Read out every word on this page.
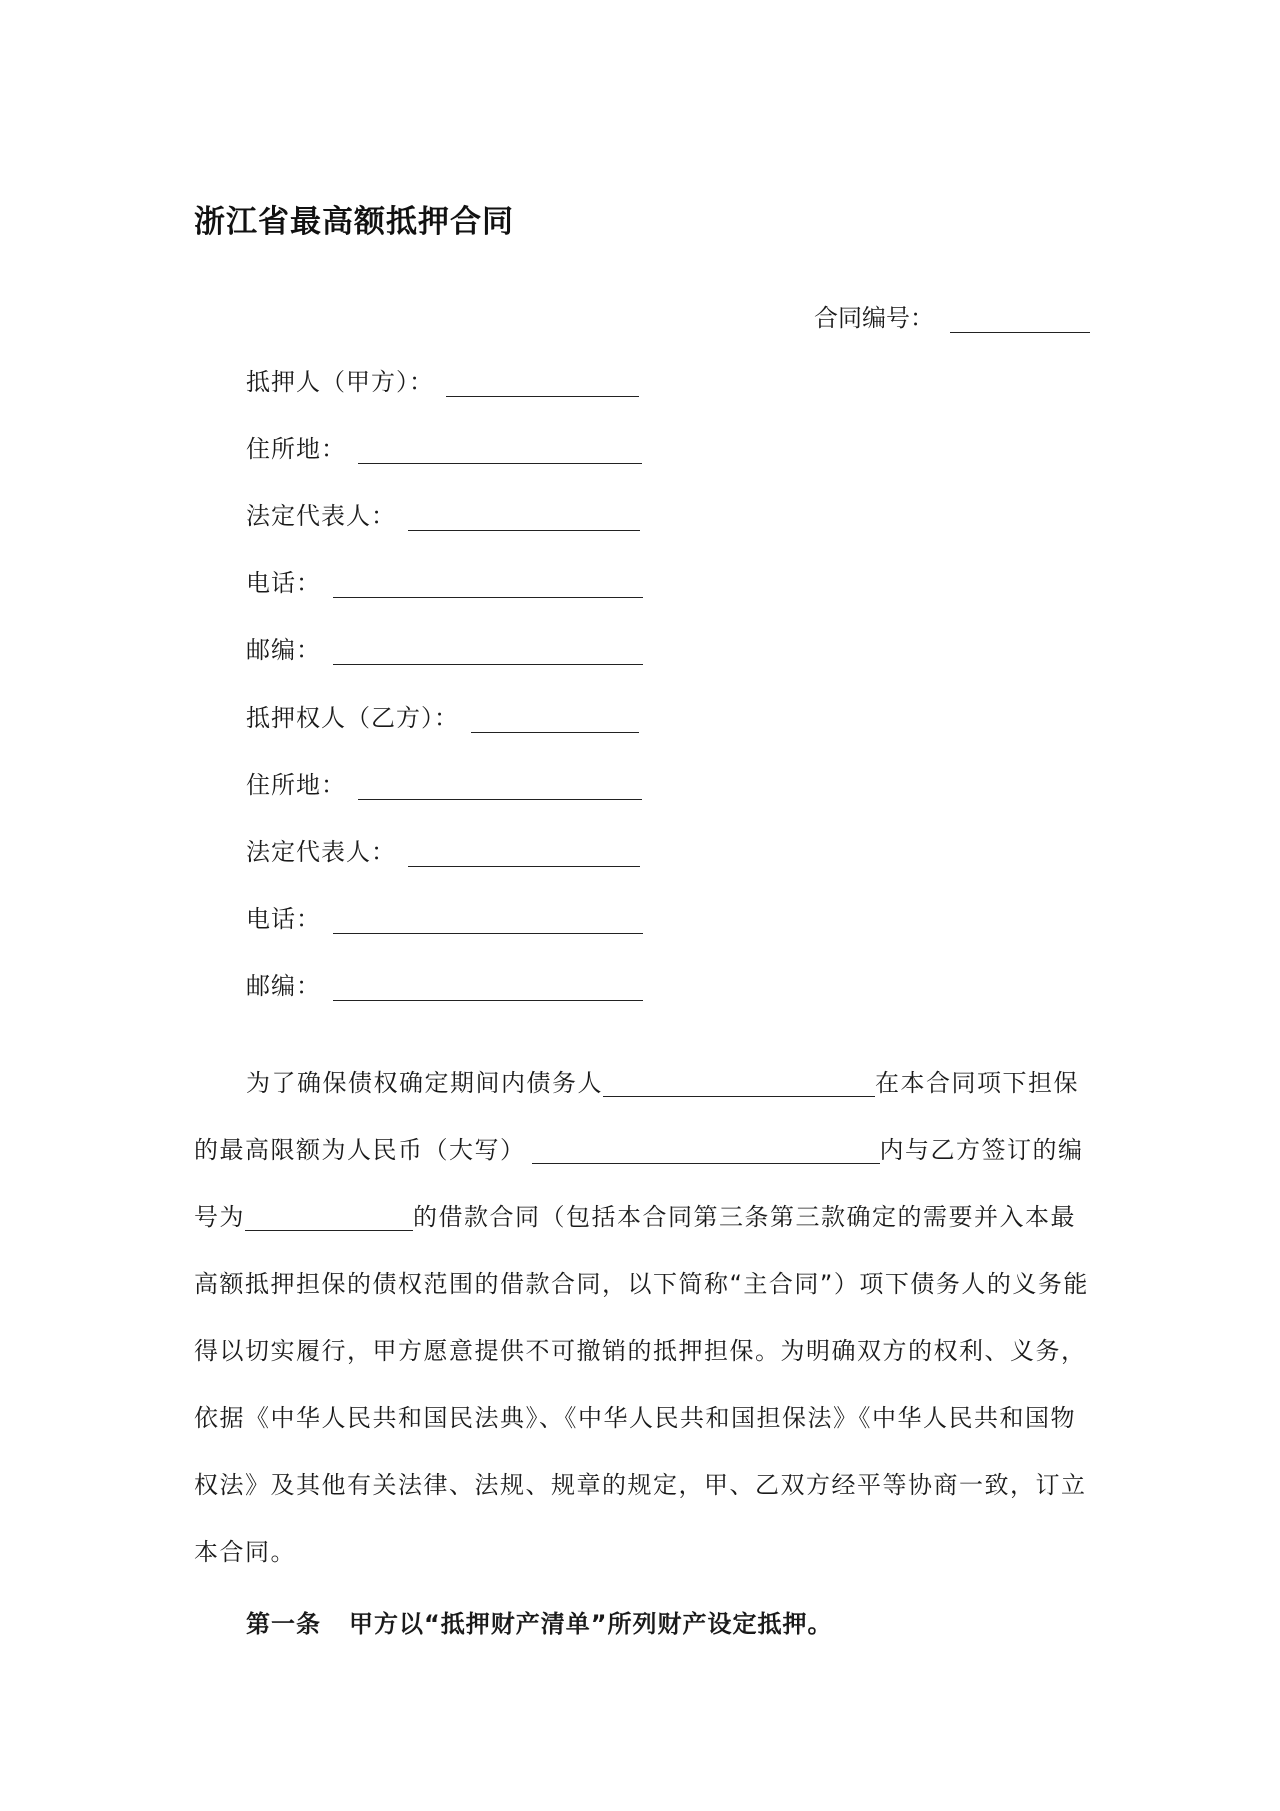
浙江省最高额抵押合同
合同编号：
抵押人（甲方）：
住所地：
法定代表人：
电话：
邮编：
抵押权人（乙方）：
住所地：
法定代表人：
电话：
邮编：
为了确保债权确定期间内债务人	在本合同项下担保
的最高限额为人民币（大写）	内与乙方签订的编
号为	的借款合同（包括本合同第三条第三款确定的需要并入本最
高额抵押担保的债权范围的借款合同，以下简称“主合同”）项下债务人的义务能
得以切实履行，甲方愿意提供不可撤销的抵押担保。为明确双方的权利、义务，
依据《中华人民共和国民法典》、《中华人民共和国担保法》《中华人民共和国物
权法》及其他有关法律、法规、规章的规定，甲、乙双方经平等协商一致，订立
本合同。
第一条 甲方以“抵押财产清单”所列财产设定抵押。
